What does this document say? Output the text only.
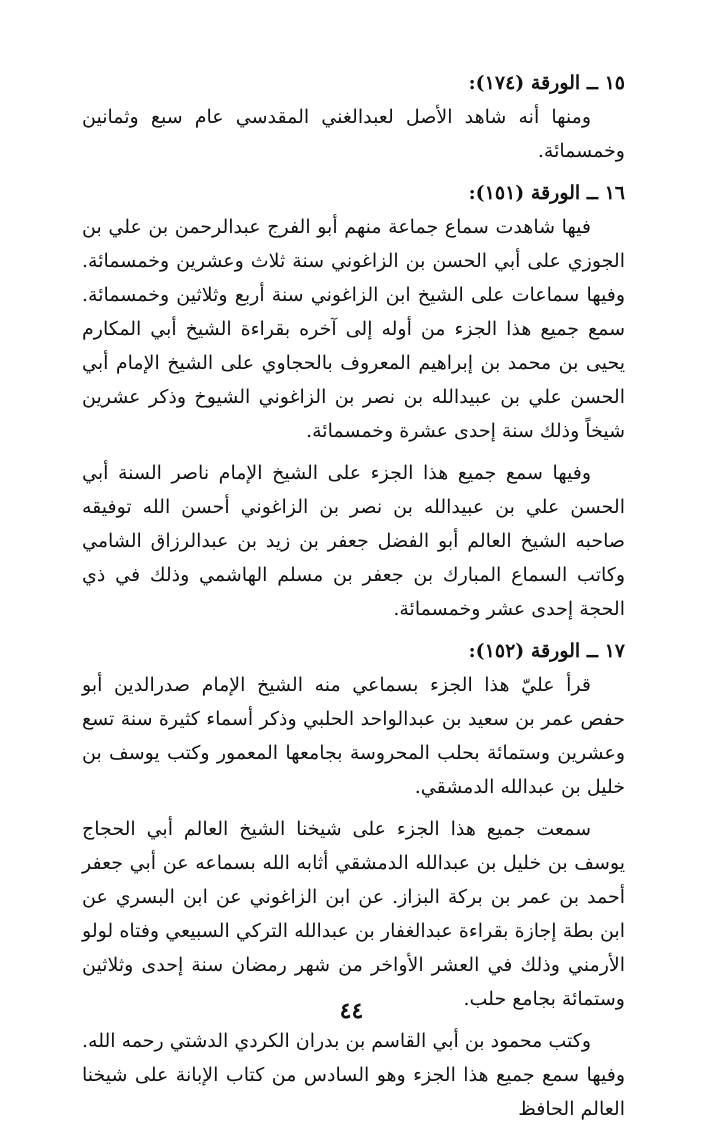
١٥ ــ الورقة (١٧٤):

ومنها أنه شاهد الأصل لعبدالغني المقدسي عام سبع وثمانين وخمسمائة.

١٦ ــ الورقة (١٥١):

فيها شاهدت سماع جماعة منهم أبو الفرج عبدالرحمن بن علي بن الجوزي على أبي الحسن بن الزاغوني سنة ثلاث وعشرين وخمسمائة. وفيها سماعات على الشيخ ابن الزاغوني سنة أربع وثلاثين وخمسمائة. سمع جميع هذا الجزء من أوله إلى آخره بقراءة الشيخ أبي المكارم يحيى بن محمد بن إبراهيم المعروف بالحجاوي على الشيخ الإمام أبي الحسن علي بن عبيدالله بن نصر بن الزاغوني الشيوخ وذكر عشرين شيخاً وذلك سنة إحدى عشرة وخمسمائة.

وفيها سمع جميع هذا الجزء على الشيخ الإمام ناصر السنة أبي الحسن علي بن عبيدالله بن نصر بن الزاغوني أحسن الله توفيقه صاحبه الشيخ العالم أبو الفضل جعفر بن زيد بن عبدالرزاق الشامي وكاتب السماع المبارك بن جعفر بن مسلم الهاشمي وذلك في ذي الحجة إحدى عشر وخمسمائة.

١٧ ــ الورقة (١٥٢):

قرأ عليّ هذا الجزء بسماعي منه الشيخ الإمام صدرالدين أبو حفص عمر بن سعيد بن عبدالواحد الحلبي وذكر أسماء كثيرة سنة تسع وعشرين وستمائة بحلب المحروسة بجامعها المعمور وكتب يوسف بن خليل بن عبدالله الدمشقي.

سمعت جميع هذا الجزء على شيخنا الشيخ العالم أبي الحجاج يوسف بن خليل بن عبدالله الدمشقي أثابه الله بسماعه عن أبي جعفر أحمد بن عمر بن بركة البزاز. عن ابن الزاغوني عن ابن البسري عن ابن بطة إجازة بقراءة عبدالغفار بن عبدالله التركي السبيعي وفتاه لولو الأرمني وذلك في العشر الأواخر من شهر رمضان سنة إحدى وثلاثين وستمائة بجامع حلب.

وكتب محمود بن أبي القاسم بن بدران الكردي الدشتي رحمه الله. وفيها سمع جميع هذا الجزء وهو السادس من كتاب الإبانة على شيخنا العالم الحافظ

٤٤
